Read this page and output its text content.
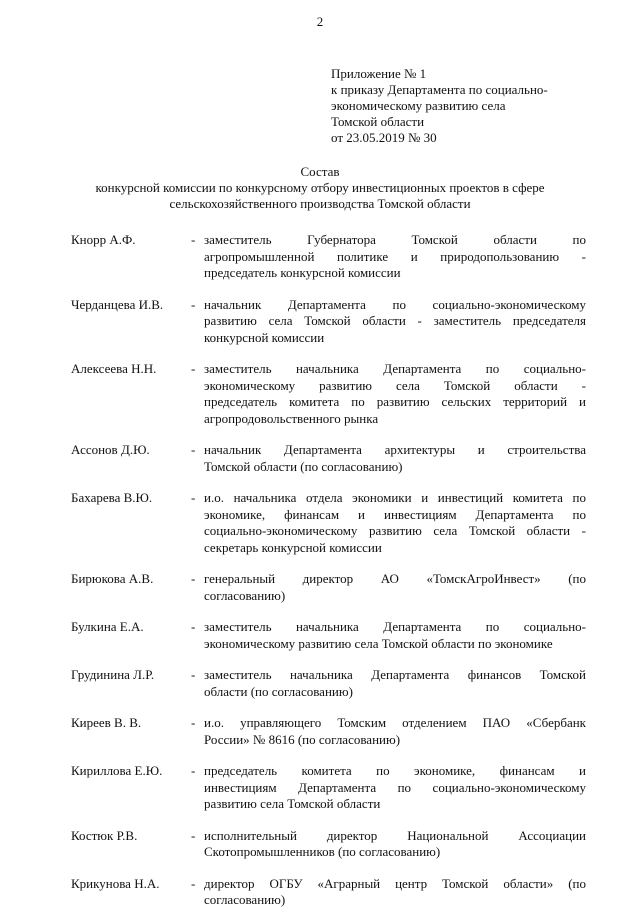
2
Приложение № 1
к приказу Департамента по социально-
экономическому развитию села
Томской области
от 23.05.2019 № 30
Состав
конкурсной комиссии по конкурсному отбору инвестиционных проектов в сфере
сельскохозяйственного производства Томской области
Кнорр А.Ф.	- заместитель Губернатора Томской области по
агропромышленной политике и природопользованию -
председатель конкурсной комиссии
Черданцева И.В.	- начальник Департамента по социально-экономическому
развитию села Томской области - заместитель председателя
конкурсной комиссии
Алексеева Н.Н.	- заместитель начальника Департамента по социально-
экономическому развитию села Томской области -
председатель комитета по развитию сельских территорий и
агропродовольственного рынка
Ассонов Д.Ю.	- начальник Департамента архитектуры и строительства
Томской области (по согласованию)
Бахарева В.Ю.	- и.о. начальника отдела экономики и инвестиций комитета по
экономике, финансам и инвестициям Департамента по
социально-экономическому развитию села Томской области -
секретарь конкурсной комиссии
Бирюкова А.В.	- генеральный директор АО «ТомскАгроИнвест» (по
согласованию)
Булкина Е.А.	- заместитель начальника Департамента по социально-
экономическому развитию села Томской области по экономике
Грудинина Л.Р.	- заместитель начальника Департамента финансов Томской
области (по согласованию)
Киреев В. В.	- и.о. управляющего Томским отделением ПАО «Сбербанк
России» № 8616 (по согласованию)
Кириллова Е.Ю.	- председатель комитета по экономике, финансам и
инвестициям Департамента по социально-экономическому
развитию села Томской области
Костюк Р.В.	- исполнительный директор Национальной Ассоциации
Скотопромышленников (по согласованию)
Крикунова Н.А.	- директор ОГБУ «Аграрный центр Томской области» (по
согласованию)
